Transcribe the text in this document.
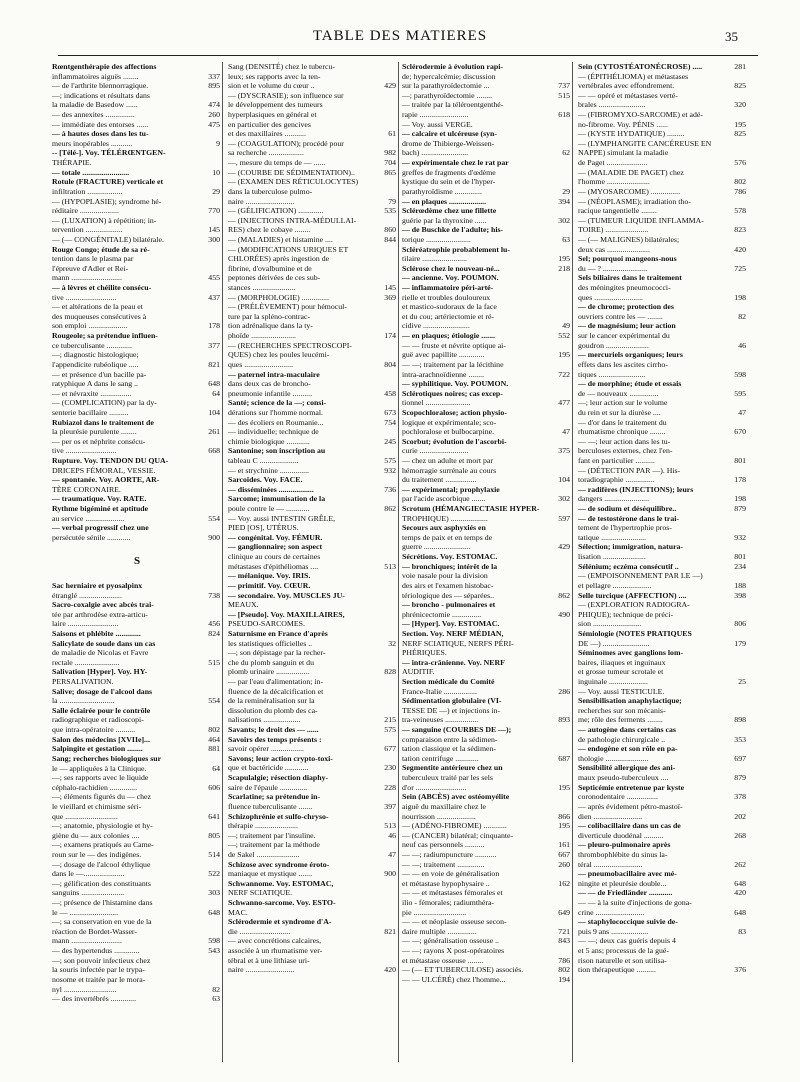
TABLE DES MATIERES	35
Rœntgenthérapie des affections
inflammatoires aiguës ........	337
— de l'arthrite blennorragique.	895
—; indications et résultats dans
la maladie de Basedow ......	474
— des annexites ...............	260
— immédiate des entorses ......	475
— à hautes doses dans les tu-
meurs inopérables ...........	9
-- [Télé-]. Voy. TÉLÉRŒNTGEN-
THÉRAPIE.
— totale ........................	10
Rotule (FRACTURE) verticale et
infiltration ..................	29
— (HYPOPLASIE); syndrome hé-
réditaire ....................	770
— (LUXATION) à répétition; in-
tervention ...................	145
— (— CONGÉNITALE) bilatérale.	300
Rouge Congo; étude de sa ré-
tention dans le plasma par
l'épreuve d'Adler et Rei-
mann ..........................	455
— à lèvres et chéilite consécu-
tive ..........................	437
— et altérations de la peau et
des muqueuses consécutives à
son emploi ....................	178
Rougeole; sa prétendue influen-
ce tuberculisante .............	377
—; diagnostic histologique;
l'appendicite rubéolique .....	821
— et présence d'un bacille pa-
ratyphique A dans le sang ..	648
— et névraxite ................	64
— (COMPLICATION) par la dy-
senterie bacillaire ..........	104
Rubiazol dans le traitement de
la pleurésie purulente ........	261
— per os et néphrite consécu-
tive ..........................	668
Rupture. Voy. TENDON DU QUA-
DRICEPS FÉMORAL, VESSIE.
— spontanée. Voy. AORTE, AR-
TÈRE CORONAIRE.
— traumatique. Voy. RATE.
Rythme bigéminé et aptitude
au service ....................	554
— verbal progressif chez une
persécutée sénile ............	900
S
Sac herniaire et pyosalpinx
étranglé ......................	738
Sacro-coxalgie avec abcès trai-
tée par arthrodèse extra-articu-
laire ..........................	456
Saisons et phlébite .............	824
Salicylate de soude dans un cas
de maladie de Nicolas et Favre
rectale .......................	515
Salivation [Hyper]. Voy. HY-
PERSALIVATION.
Salive; dosage de l'alcool dans
la ............................	554
Salle éclairée pour le contrôle
radiographique et radioscopi-
que intra-opératoire ..........	802
Salon des médecins [XVIIe]...	464
Salpingite et gestation ........	881
Sang; recherches biologiques sur
le — appliquées à la Clinique.	64
—; ses rapports avec le liquide
céphalo-rachidien ..............	606
—; éléments figurés du — chez
le vieillard et chimisme séri-
que ...........................	641
—; anatomie, physiologie et hy-
giène du — aux colonies ....	805
—; examens pratiqués au Came-
roun sur le — des indigènes.	514
—; dosage de l'alcool éthylique
dans le —.....................	522
—; gélification des constituants
sanguins ......................	303
—; présence de l'histamine dans
le — .........................	648
—; sa conservation en vue de la
réaction de Bordet-Wasser-
mann ..........................	598
— des hypertendus .............	543
—; son pouvoir infectieux chez
la souris infectée par le trypa-
nosome et traitée par le mora-
nyl ...........................	82
— des invertébrés .............	63
Sang (DENSITÉ) chez le tubercu-
leux; ses rapports avec la ten-
sion et le volume du cœur ..	429
— (DYSCRASIE); son influence sur
le développement des tumeurs
hyperplasiques en général et
en particulier des gencives
et des maxillaires ...........	61
— (COAGULATION); procédé pour
sa recherche ..................	982
—, mesure du temps de — ......	704
— (COURBE DE SÉDIMENTATION)..	865
— (EXAMEN DES RÉTICULOCYTES)
dans la tuberculose pulmo-
naire .........................	79
— (GÉLIFICATION) .............	535
— (INJECTIONS INTRA-MÉDULLAI-
RES) chez le cobaye ........	860
— (MALADIES) et histamine ....	844
— (MODIFICATIONS URIQUES ET
CHLORÉES) après ingestion de
fibrine, d'ovalbumine et de
peptones dérivées de ces sub-
stances ......................	145
— (MORPHOLOGIE) ..............	369
— (PRÉLÈVEMENT) pour hémocul-
ture par la spléno-contrac-
tion adrénalique dans la ty-
phoïde .......................	174
— (RECHERCHES SPECTROSCOPI-
QUES) chez les poules leucémi-
ques .........................	804
— paternel intra-maculaire
dans deux cas de broncho-
pneumonie infantile ..........	458
Santé; science de la —; consi-
dérations sur l'homme normal.	673
— des écoliers en Roumanie...	754
— individuelle; technique de
chimie biologique ............	245
Santonine; son inscription au
tableau C ....................	575
— et strychnine ...............	932
Sarcoïdes. Voy. FACE.
— disséminées ..................	736
Sarcome; immunisation de la
poule contre le — ............	862
— Voy. aussi INTESTIN GRÊLE,
PIED [OS], UTÉRUS.
— congénital. Voy. FÉMUR.
— ganglionnaire; son aspect
clinique au cours de certaines
métastases d'épithéliomas ....	513
— mélanique. Voy. IRIS.
— primitif. Voy. CŒUR.
— secondaire. Voy. MUSCLES JU-
MEAUX.
— [Pseudo]. Voy. MAXILLAIRES,
PSEUDO-SARCOMES.
Saturnisme en France d'après
les statistiques officielles ..	32
—; son dépistage par la recher-
che du plomb sanguin et du
plomb urinaire .................	828
— par l'eau d'alimentation; in-
fluence de la décalcification et
de la reminéralisation sur la
dissolution du plomb des ca-
nalisations ...................	215
Savants; le droit des — ......	575
Savoirs des temps présents :
savoir opérer .................	677
Savons; leur action crypto-toxi-
que et bactéricide ............	230
Scapulalgie; résection diaphy-
saire de l'épaule ..............	228
Scarlatine; sa prétendue in-
fluence tuberculisante .......	397
Schizophrénie et sulfo-chryso-
thérapie ......................	513
—; traitement par l'insuline.	46
—; traitement par la méthode
de Sakel ......................	47
Schizose avec syndrome éroto-
maniaque et mystique .......	900
Schwannome. Voy. ESTOMAC,
NERF SCIATIQUE.
Schwanno-sarcome. Voy. ESTO-
MAC.
Sclérodermie et syndrome d'A-
die ..........................	821
— avec concrétions calcaires,
associée à un rhumatisme ver-
tébral et à une lithiase uri-
naire .........................	420
Sclérodermie à évolution rapi-
de; hypercalcémie; discussion
sur la parathyroïdectomie ...	737
—; parathyroïdectomie ........	515
— traitée par la téléroentgenthé-
rapie .........................	618
— Voy. aussi VERGE.
— calcaire et ulcéreuse (syn-
drome de Thibierge-Weissen-
bach) ........................	62
— expérimentale chez le rat par
greffes de fragments d'œdème
kystique du sein et de l'hyper-
parathyroïdisme ..............	29
— en plaques ...................	394
Sclérœdème chez une fillette
guérie par la thyroxine ......	302
— de Buschke de l'adulte; his-
torique .......................	63
Scléréatrophie probablement lu-
tilaire .......................	195
Sclérose chez le nouveau-né...	218
— ancienne. Voy. POUMON.
— inflammatoire péri-arté-
rielle et troubles douloureux
et mastico-sudoraux de la face
et du cou; artériectomie et ré-
cidive ........................	49
— en plaques; étiologie .......	552
— — fruste et névrite optique ai-
guë avec papillite .............	195
— —; traitement par la lécithine
intra-arachnoïdienne ........	722
— syphilitique. Voy. POUMON.
Sclérotiques noires; cas excep-
tionnel .......................	477
Scopochloralose; action physio-
logique et expérimentale; sco-
pochloralose et bulbocarpine.	47
Scorbut; évolution de l'ascorbi-
curie .........................	375
— chez un adulte et mort par
hémorragie surrénale au cours
du traitement ................	104
— expérimental; prophylaxie
par l'acide ascorbique .......	302
Scrotum (HÉMANGIECTASIE HYPER-
TROPHIQUE) ...................	597
Secours aux asphyxiés en
temps de paix et en temps de
guerre ........................	429
Sécrétions. Voy. ESTOMAC.
— bronchiques; intérêt de la
voie nasale pour la division
des airs et l'examen histobac-
tériologique des — séparées..	862
— broncho - pulmonaires et
phrénicectomie ...............	490
— [Hyper]. Voy. ESTOMAC.
Section. Voy. NERF MÉDIAN,
NERF SCIATIQUE, NERFS PÉRI-
PHÉRIQUES.
— intra-crânienne. Voy. NERF
AUDITIF.
Section médicale du Comité
France-Italie .................	286
Sédimentation globulaire (VI-
TESSE DE —) et injections in-
tra-veineuses .................	893
— sanguine (COURBES DE —);
comparaison entre la sédimen-
tation classique et la sédimen-
tation centrifuge ............	687
Segmentite antérieure chez un
tuberculeux traité par les sels
d'or ..........................	195
Sein (ABCÈS) avec ostéomyélite
aiguë du maxillaire chez le
nourrisson ....................	866
— (ADÉNO-FIBROME) ............	195
— (CANCER) bilatéral; cinquante-
neuf cas personnels ..........	161
— —; radiumpuncture ...........	667
— —; traitement ..............	260
— — en voie de généralisation
et métastase hypophysaire ..	162
— — et métastases fémorales et
ilio - fémorales; radiumthéra-
pie ...........................	649
— — et néoplasie osseuse secon-
daire multiple ...............	721
— —; généralisation osseuse ..	843
— —; rayons X post-opératoires
et métastase osseuse ........	786
— (— ET TUBERCULOSE) associés.	802
— — ULCÉRÉ) chez l'homme...	194
Sein (CYTOSTÉATONÉCROSE) .....	281
— (ÉPITHÉLIOMA) et métastases
vertébrales avec effondrement.	825
— — opéré et métastases verté-
brales ........................	320
— (FIBROMYXO-SARCOME) et adé-
no-fibrome. Voy. PÉNIS ......	195
— (KYSTE HYDATIQUE) .........	825
— (LYMPHANGITE CANCÉREUSE EN
NAPPE) simulant la maladie
de Paget .....................	576
— (MALADIE DE PAGET) chez
l'homme ......................	802
— (MYOSARCOME) ...............	786
— (NÉOPLASME); irradiation tho-
racique tangentielle ........	578
— (TUMEUR LIQUIDE INFLAMMA-
TOIRE) ......................	823
— (— MALIGNES) bilatérales;
deux cas ......................	420
Sel; pourquoi mangeons-nous
du — ? .......................	725
Sels biliaires dans le traitement
des méningites pneumococci-
ques .........................	198
— de chrome; protection des
ouvriers contre les — ........	82
— de magnésium; leur action
sur le cancer expérimental du
goudron ......................	46
— mercuriels organiques; leurs
effets dans les ascites cirrho-
tiques ........................	598
— de morphine; étude et essais
de — nouveaux ...............	595
—; leur action sur le volume
du rein et sur la diurèse ....	47
— d'or dans le traitement du
rhumatisme chronique ........	670
— —; leur action dans les tu-
berculoses externes, chez l'en-
fant en particulier ..........	801
— (DÉTECTION PAR —). His-
toradiographie ...............	178
— radifères (INJECTIONS); leurs
dangers .......................	198
— de sodium et déséquilibre..	879
— de testostérone dans le trai-
tement de l'hypertrophie pros-
tatique .......................	932
Sélection; immigration, natura-
lisation ......................	801
Sélénium; eczéma consécutif ..	234
— (EMPOISONNEMENT PAR LE —)
et pellagre ....................	188
Selle turcique (AFFECTION) ....	398
— (EXPLORATION RADIOGRA-
PHIQUE); technique de préci-
sion .........................	806
Sémiologie (NOTES PRATIQUES
DE —) ........................	179
Séminomes avec ganglions lom-
baires, iliaques et inguinaux
et grosse tumeur scrotale et
inguinale ....................	25
— Voy. aussi TESTICULE.
Sensibilisation anaphylactique;
recherches sur son mécanis-
me; rôle des ferments ........	898
— autogène dans certains cas
de pathologie chirurgicale ..	353
— endogène et son rôle en pa-
thologie ......................	697
Sensibilité allergique des ani-
maux pseudo-tuberculeux ....	879
Septicémie entretenue par kyste
coronodentaire ................	378
— après évidement pétro-mastoï-
dien .........................	202
— colibacillaire dans un cas de
diverticule duodénal ..........	268
— pleuro-pulmonaire après
thrombophlébite du sinus la-
téral .........................	262
— pneumobacillaire avec mé-
ningite et pleurésie double...	648
— — de Friedländer ............	420
— — à la suite d'injections de gona-
crine .........................	648
— staphylococcique suivie de-
puis 9 ans ...................	83
— —; deux cas guéris depuis 4
et 5 ans; processus de la gué-
rison naturelle et son utilisa-
tion thérapeutique ..........	376
